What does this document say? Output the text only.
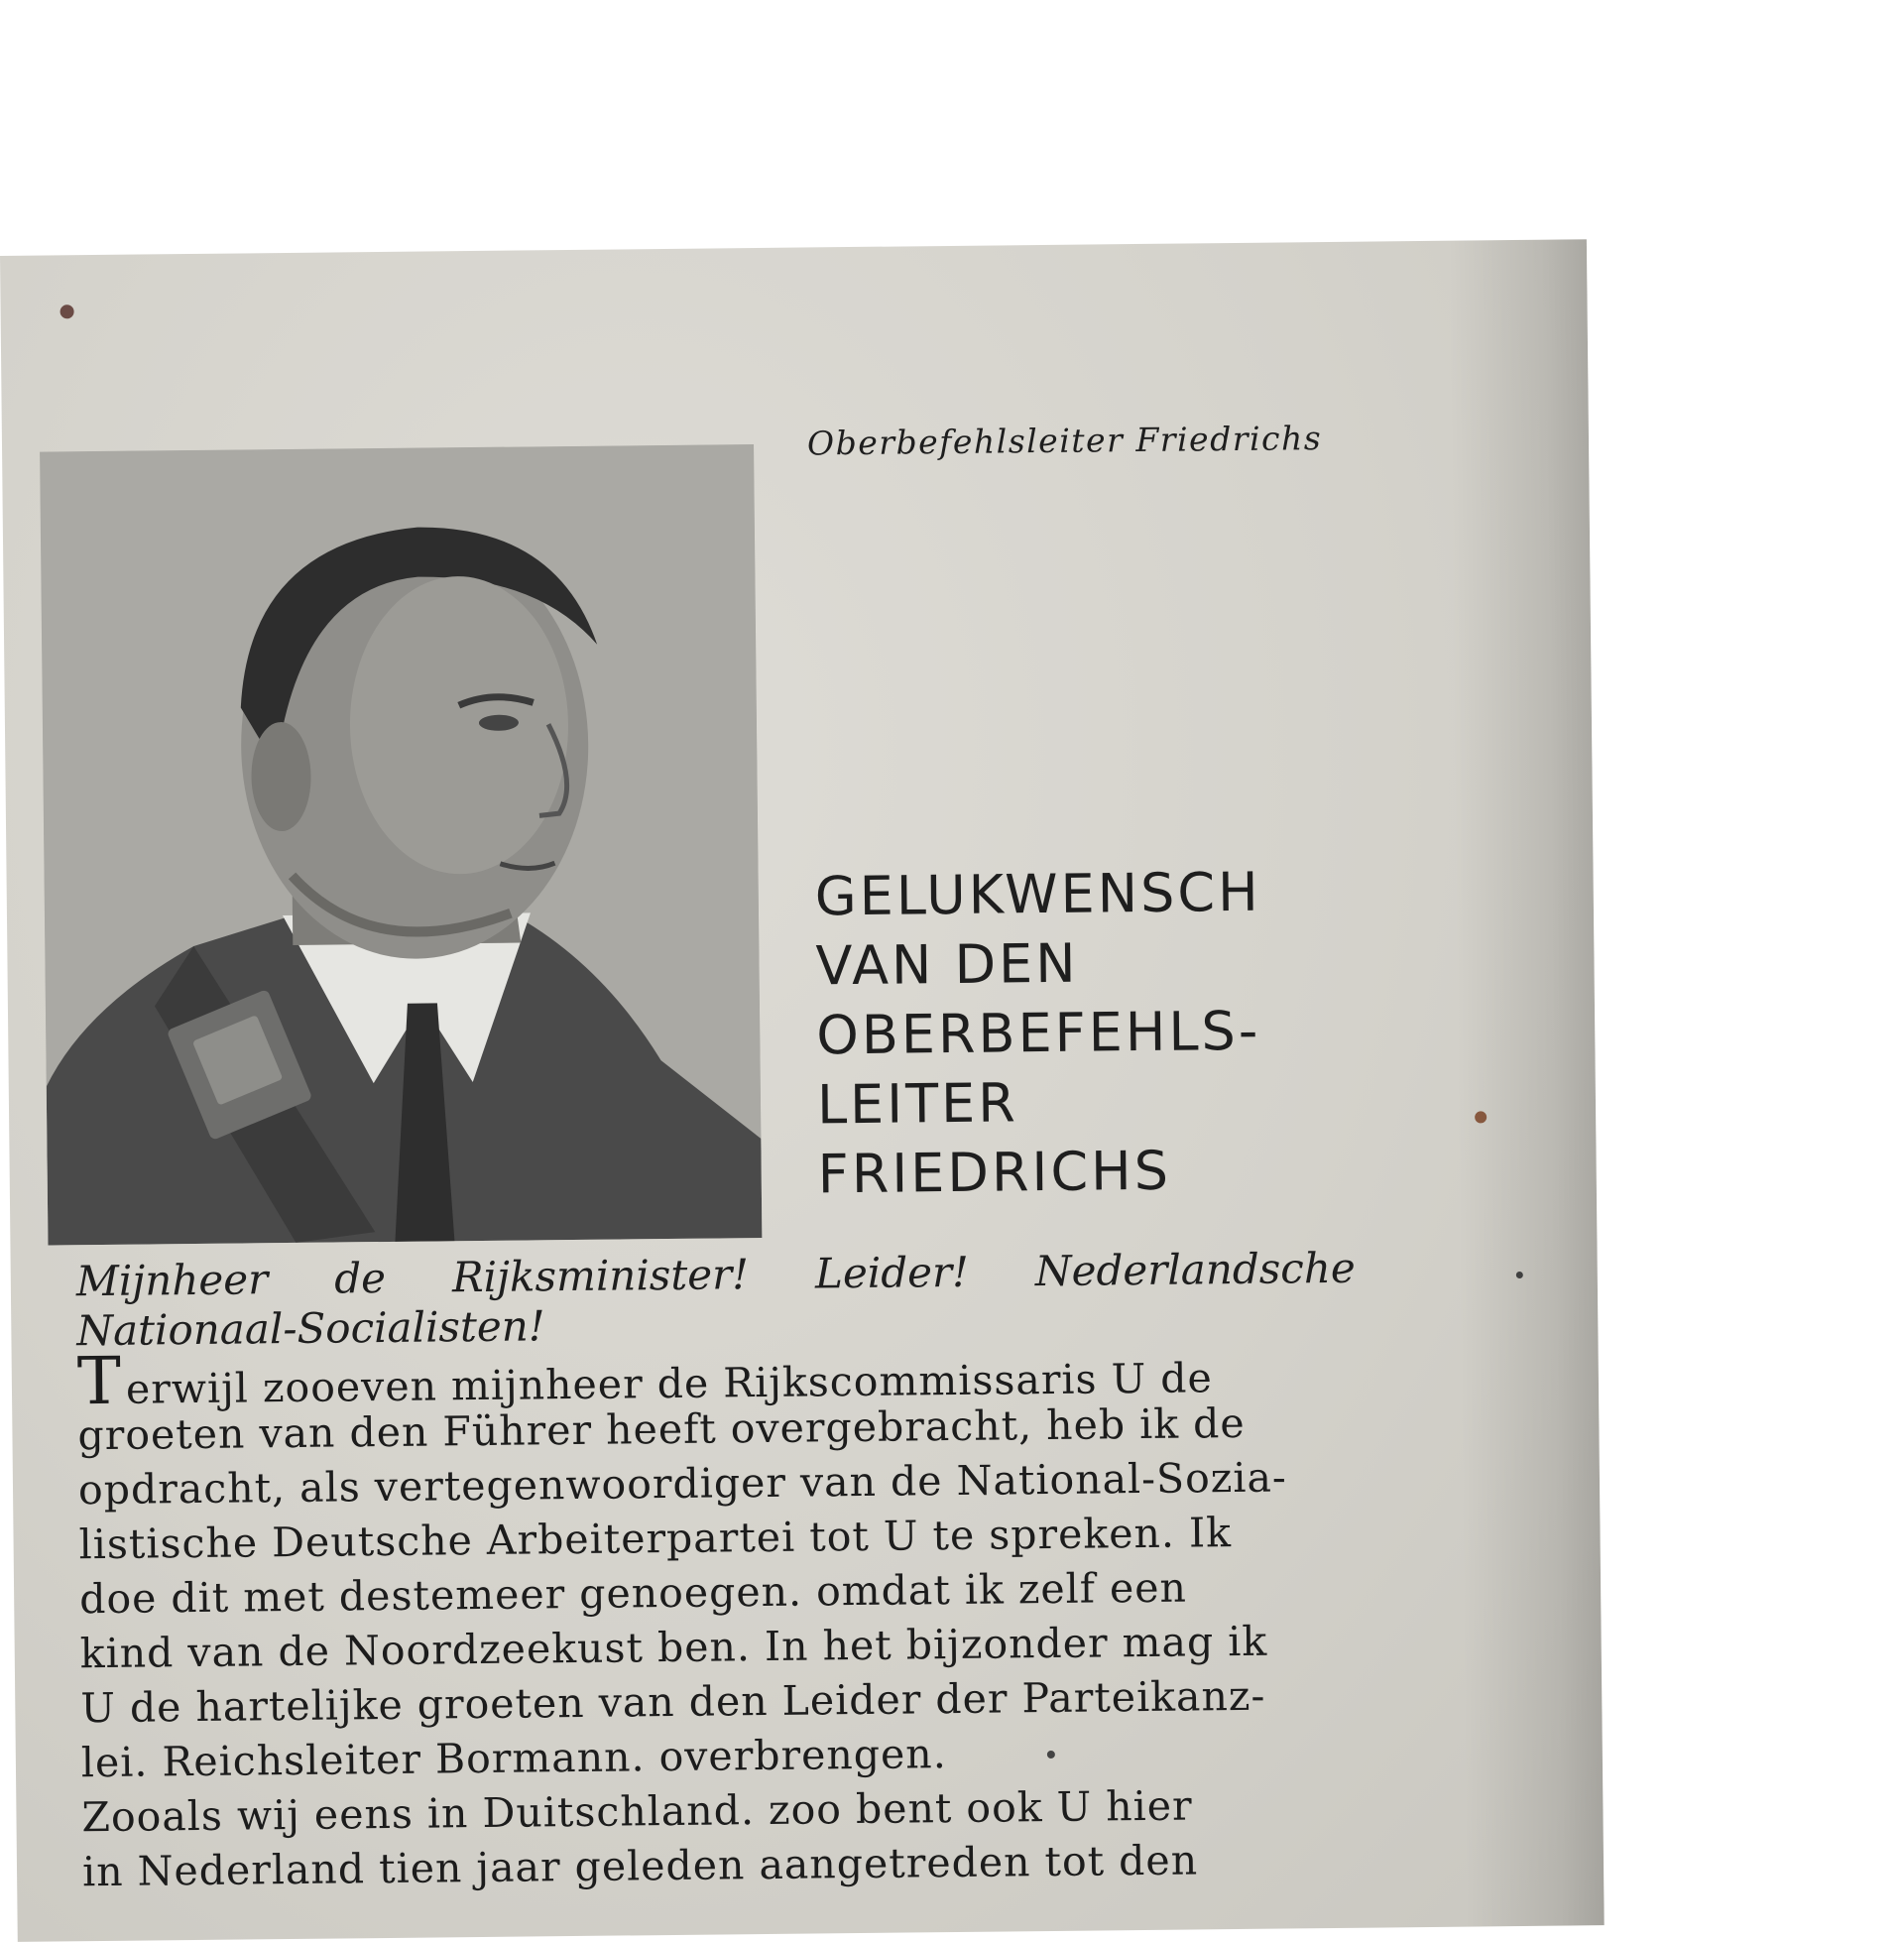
Oberbefehlsleiter Friedrichs
GELUKWENSCH
VAN DEN
OBERBEFEHLS-
LEITER
FRIEDRICHS
Mijnheer de Rijksminister! Leider! Nederlandsche
Nationaal-Socialisten!
Terwijl zooeven mijnheer de Rijkscommissaris U de
groeten van den Führer heeft overgebracht, heb ik de
opdracht, als vertegenwoordiger van de National-Sozia-
listische Deutsche Arbeiterpartei tot U te spreken. Ik
doe dit met destemeer genoegen. omdat ik zelf een
kind van de Noordzeekust ben. In het bijzonder mag ik
U de hartelijke groeten van den Leider der Parteikanz-
lei. Reichsleiter Bormann. overbrengen.
Zooals wij eens in Duitschland. zoo bent ook U hier
in Nederland tien jaar geleden aangetreden tot den
